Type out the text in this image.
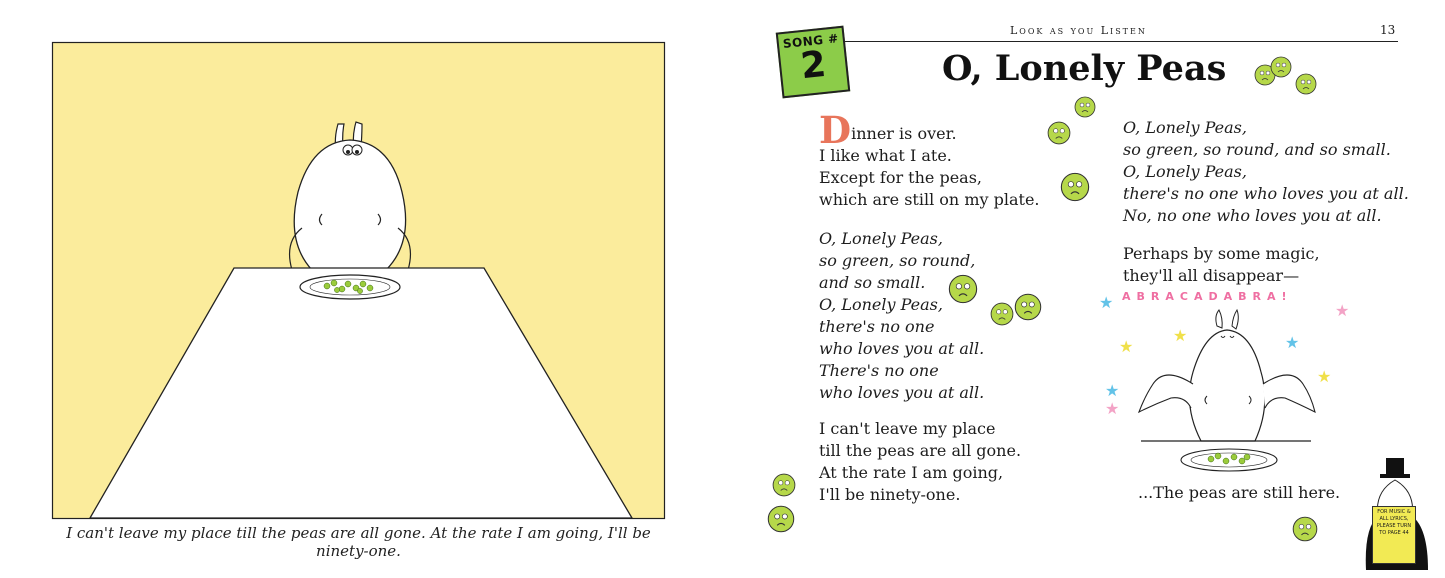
I can't leave my place till the peas are all gone. At the rate I am going, I'll be ninety-one.
Look as you Listen	13
SONG #
2	O, Lonely Peas
Dinner is over.
I like what I ate.
Except for the peas,
which are still on my plate.
O, Lonely Peas,
so green, so round,
and so small.
O, Lonely Peas,
there's no one
who loves you at all.
There's no one
who loves you at all.
I can't leave my place
till the peas are all gone.
At the rate I am going,
I'll be ninety-one.
O, Lonely Peas,
so green, so round, and so small.
O, Lonely Peas,
there's no one who loves you at all.
No, no one who loves you at all.
Perhaps by some magic,
they'll all disappear—
ABRACADABRA!
★	★
★
★	★
★
★
★
...The peas are still here.
FOR MUSIC & ALL LYRICS, PLEASE TURN TO PAGE 44
